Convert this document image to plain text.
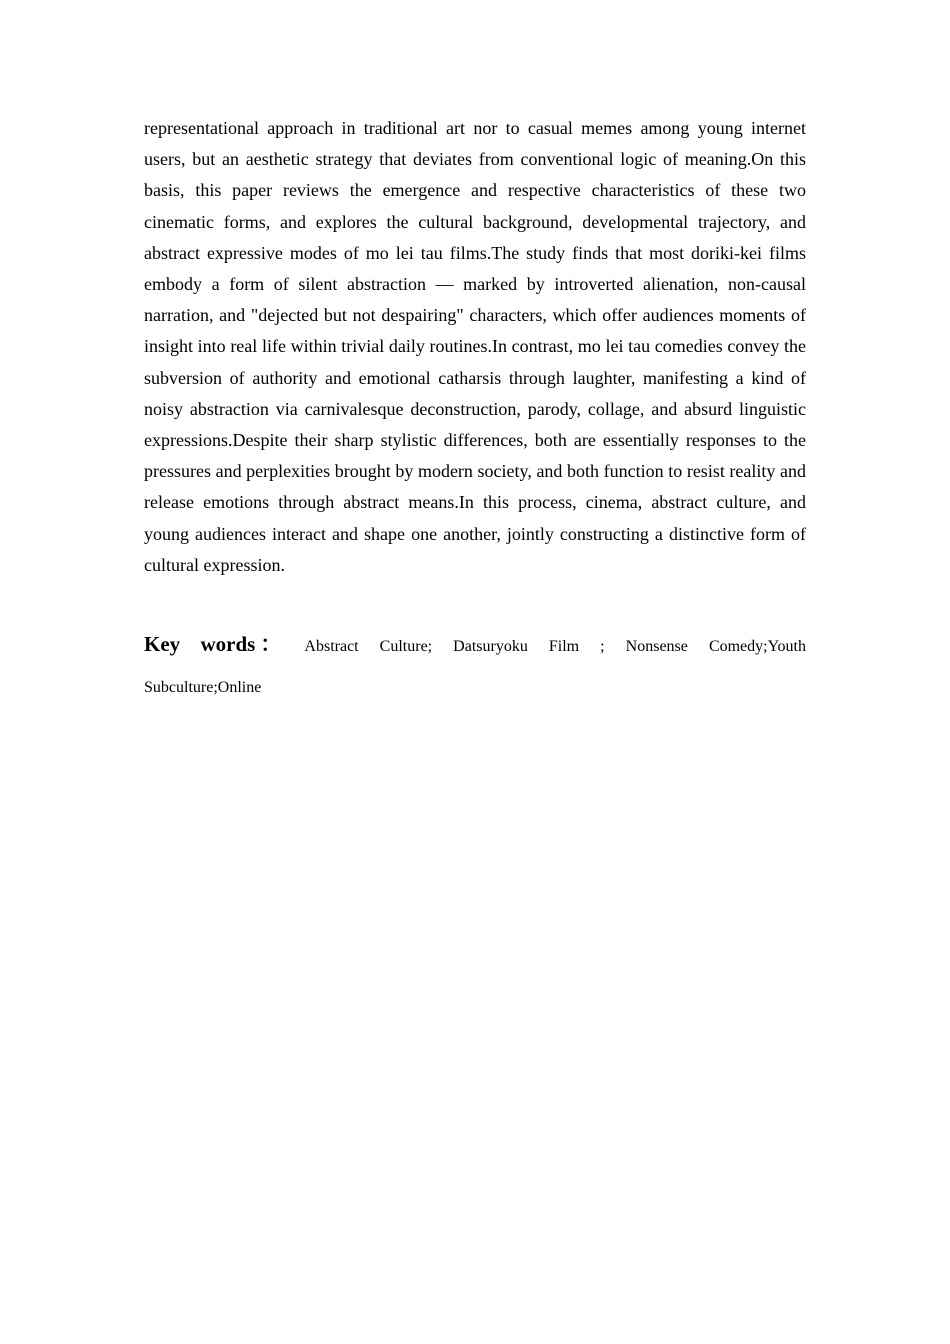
representational approach in traditional art nor to casual memes among young internet users, but an aesthetic strategy that deviates from conventional logic of meaning.On this basis, this paper reviews the emergence and respective characteristics of these two cinematic forms, and explores the cultural background, developmental trajectory, and abstract expressive modes of mo lei tau films.The study finds that most doriki-kei films embody a form of silent abstraction — marked by introverted alienation, non-causal narration, and "dejected but not despairing" characters, which offer audiences moments of insight into real life within trivial daily routines.In contrast, mo lei tau comedies convey the subversion of authority and emotional catharsis through laughter, manifesting a kind of noisy abstraction via carnivalesque deconstruction, parody, collage, and absurd linguistic expressions.Despite their sharp stylistic differences, both are essentially responses to the pressures and perplexities brought by modern society, and both function to resist reality and release emotions through abstract means.In this process, cinema, abstract culture, and young audiences interact and shape one another, jointly constructing a distinctive form of cultural expression.

Key words： Abstract Culture; Datsuryoku Film ; Nonsense Comedy;Youth Subculture;Online
